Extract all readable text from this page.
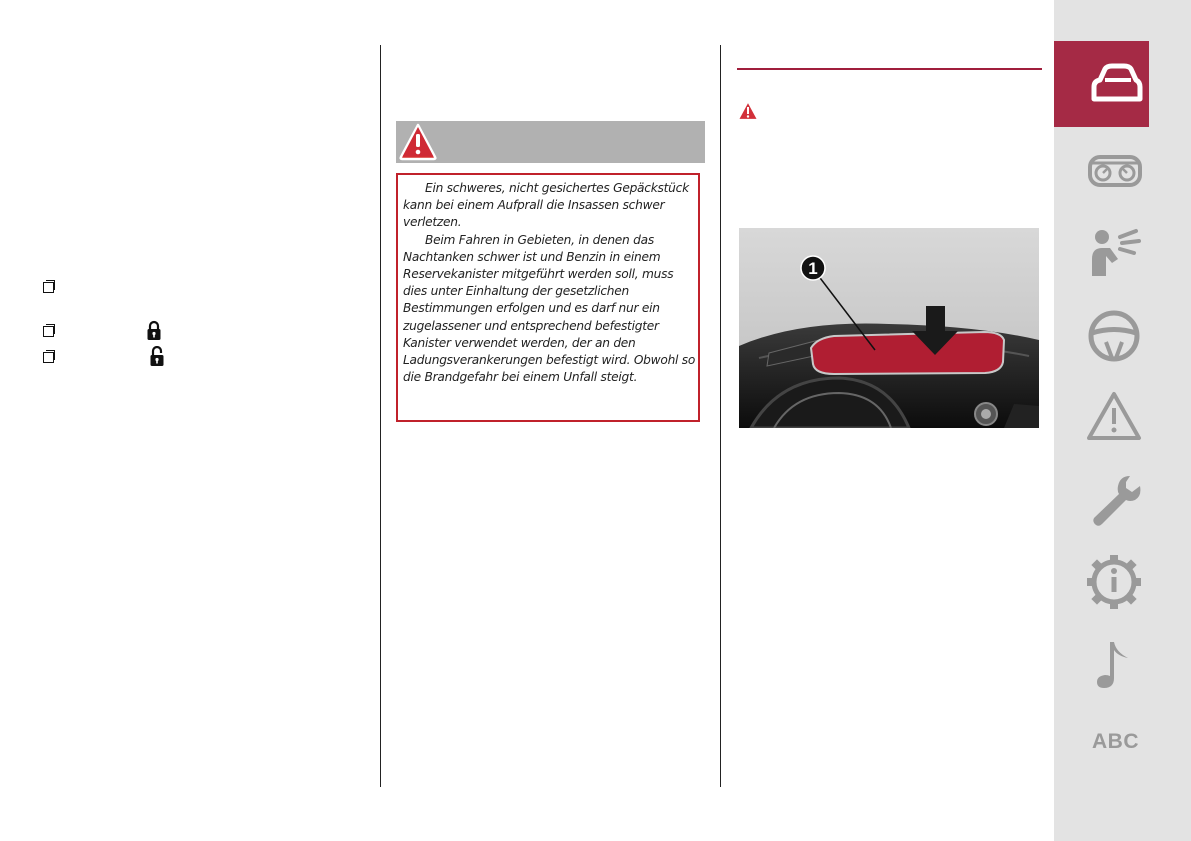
Ein schweres, nicht gesichertes Gepäckstück kann bei einem Aufprall die Insassen schwer verletzen.

Beim Fahren in Gebieten, in denen das Nachtanken schwer ist und Benzin in einem Reservekanister mitgeführt werden soll, muss dies unter Einhaltung der gesetzlichen Bestimmungen erfolgen und es darf nur ein zugelassener und entsprechend befestigter Kanister verwendet werden, der an den Ladungsverankerungen befestigt wird. Obwohl so die Brandgefahr bei einem Unfall steigt.

1
ABC
